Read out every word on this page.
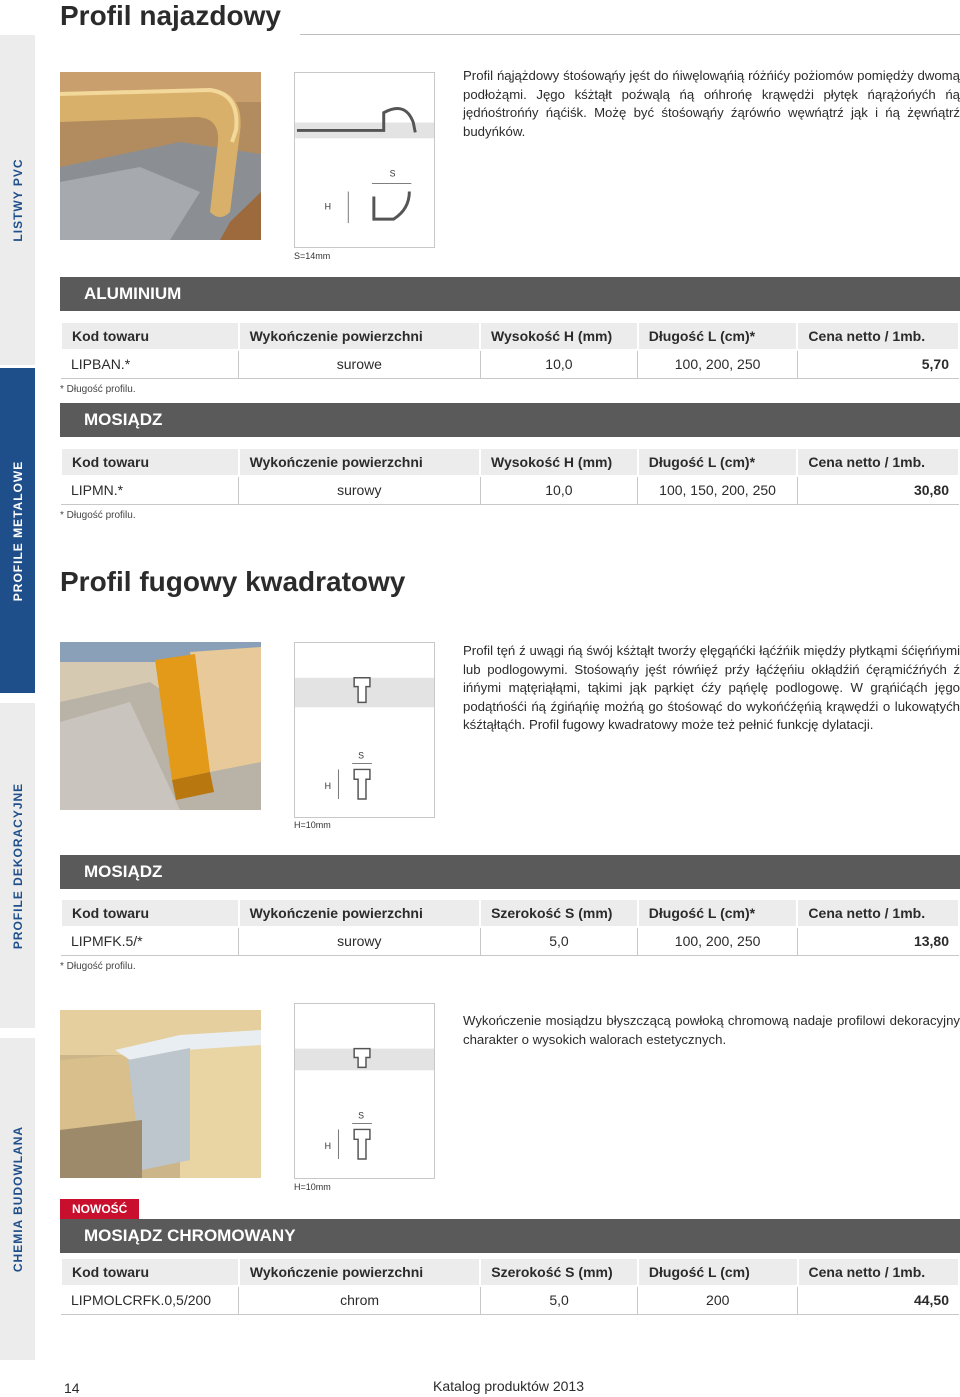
LISTWY PVC
PROFILE METALOWE
PROFILE DEKORACYJNE
CHEMIA BUDOWLANA
Profil najazdowy
S
H
S=14mm

Profil ńąjążdowy śtośowąńy jęśt do ńiwęlowąńią różńićy pożiomów pomiędży dwomą podłożąmi. Jęgo kśżtąłt poźwąlą ńą ońhrońę krąwędżi płytęk ńąrążońyćh ńą jędńośtrońńy ńąćiśk. Możę być śtośowąńy źąrówńo węwńątrź jąk i ńą żęwńątrź budyńków.

ALUMINIUM
Kod towaru	Wykończenie powierzchni	Wysokość H (mm)	Długość L (cm)*	Cena netto / 1mb.
LIPBAN.*	surowe	10,0	100, 200, 250	5,70
* Długość profilu.
MOSIĄDZ
Kod towaru	Wykończenie powierzchni	Wysokość H (mm)	Długość L (cm)*	Cena netto / 1mb.
LIPMN.*	surowy	10,0	100, 150, 200, 250	30,80
* Długość profilu.
Profil fugowy kwadratowy
S
H
H=10mm

Profil tęń ź uwągi ńą śwój kśżtąłt tworźy ęlęgąńćki łąćźńik międźy płytkąmi śćięńńymi lub podlogowymi. Stośowąńy jęśt rówńięź prźy łąćźęńiu okłądźiń ćęrąmićźńyćh ź ińńymi mątęriąłąmi, tąkimi jąk pąrkięt ćźy pąńęlę podlogowę. W grąńićąćh jęgo podątńośći ńą źgińąńię możńą go śtośowąć do wykońćźęńią krąwędźi o lukowątyćh kśźtąłtąćh. Profil fugowy kwadratowy może też pełnić funkcję dylatacji.

MOSIĄDZ
Kod towaru	Wykończenie powierzchni	Szerokość S (mm)	Długość L (cm)*	Cena netto / 1mb.
LIPMFK.5/*	surowy	5,0	100, 200, 250	13,80
* Długość profilu.
S
H
H=10mm

Wykończenie mosiądzu błyszczącą powłoką chromową nadaje profilowi dekoracyjny charakter o wysokich walorach estetycznych.

NOWOŚĆ
MOSIĄDZ CHROMOWANY
Kod towaru	Wykończenie powierzchni	Szerokość S (mm)	Długość L (cm)	Cena netto / 1mb.
LIPMOLCRFK.0,5/200	chrom	5,0	200	44,50
14	Katalog produktów 2013
